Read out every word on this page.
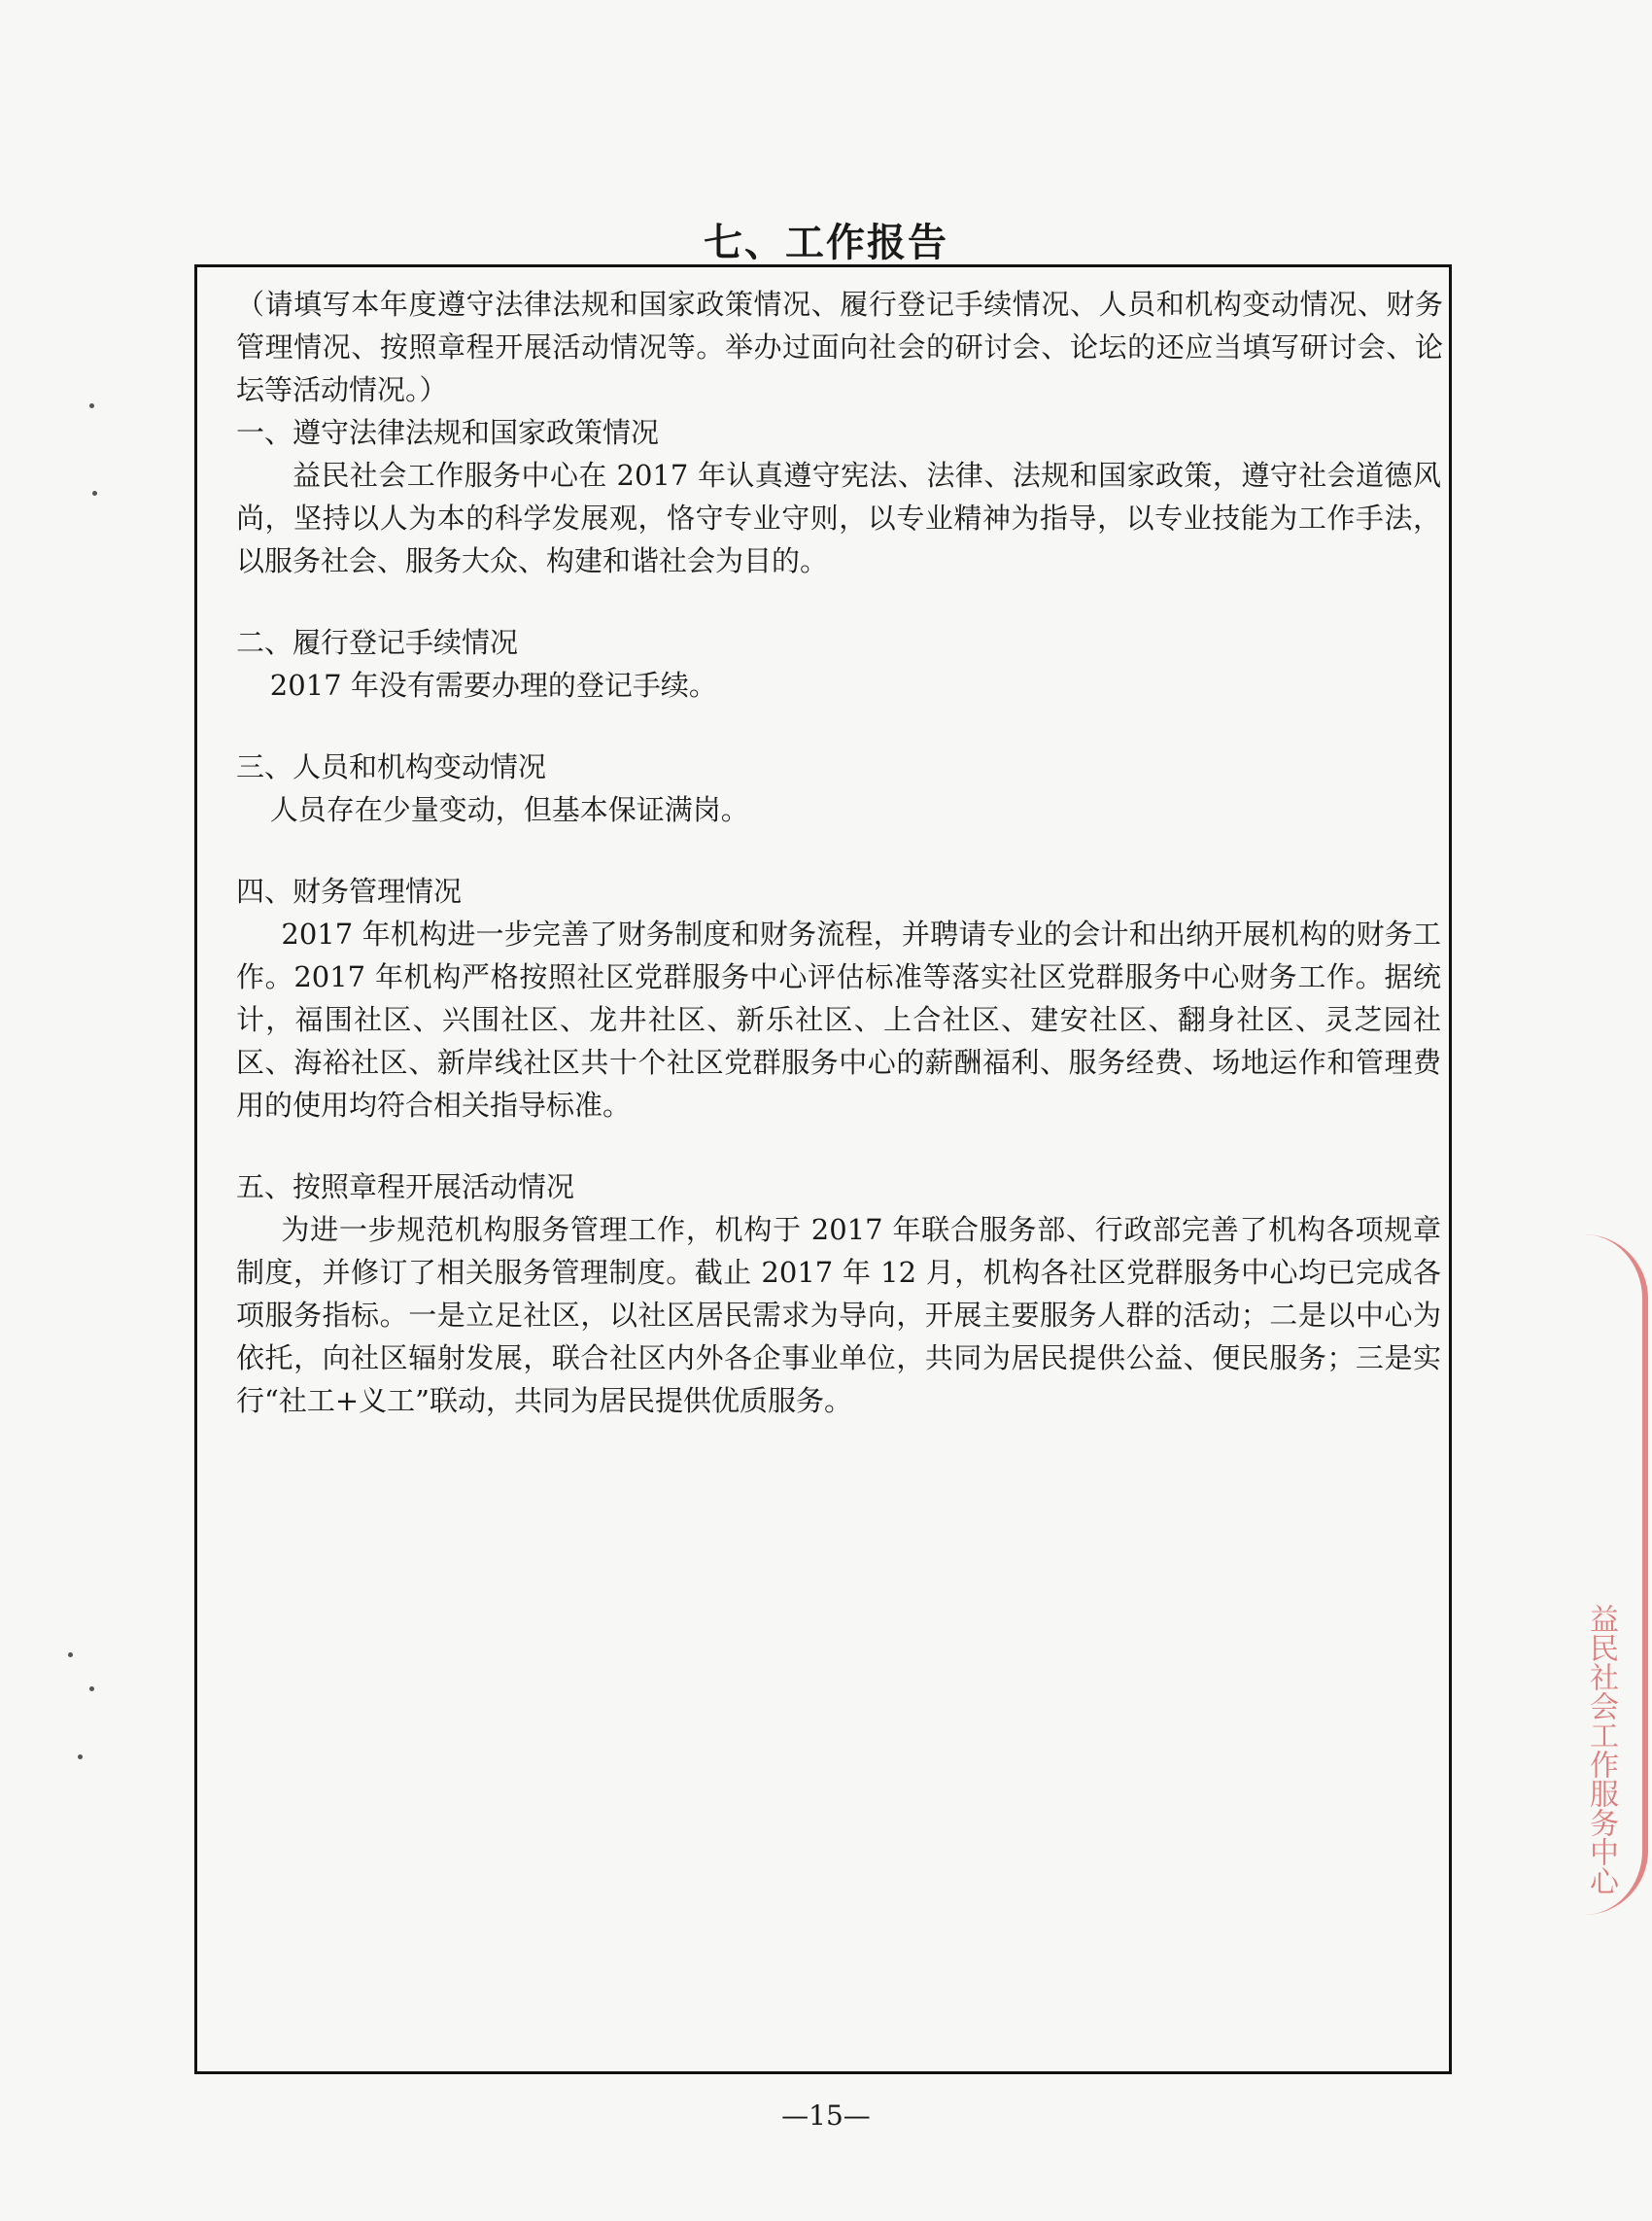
七、工作报告
（请填写本年度遵守法律法规和国家政策情况、履行登记手续情况、人员和机构变动情况、财务管理情况、按照章程开展活动情况等。举办过面向社会的研讨会、论坛的还应当填写研讨会、论坛等活动情况。）
一、遵守法律法规和国家政策情况
益民社会工作服务中心在 2017 年认真遵守宪法、法律、法规和国家政策，遵守社会道德风尚，坚持以人为本的科学发展观，恪守专业守则，以专业精神为指导，以专业技能为工作手法，以服务社会、服务大众、构建和谐社会为目的。
二、履行登记手续情况
2017 年没有需要办理的登记手续。
三、人员和机构变动情况
人员存在少量变动，但基本保证满岗。
四、财务管理情况
2017 年机构进一步完善了财务制度和财务流程，并聘请专业的会计和出纳开展机构的财务工作。2017 年机构严格按照社区党群服务中心评估标准等落实社区党群服务中心财务工作。据统计，福围社区、兴围社区、龙井社区、新乐社区、上合社区、建安社区、翻身社区、灵芝园社区、海裕社区、新岸线社区共十个社区党群服务中心的薪酬福利、服务经费、场地运作和管理费用的使用均符合相关指导标准。
五、按照章程开展活动情况
为进一步规范机构服务管理工作，机构于 2017 年联合服务部、行政部完善了机构各项规章制度，并修订了相关服务管理制度。截止 2017 年 12 月，机构各社区党群服务中心均已完成各项服务指标。一是立足社区，以社区居民需求为导向，开展主要服务人群的活动；二是以中心为依托，向社区辐射发展，联合社区内外各企事业单位，共同为居民提供公益、便民服务；三是实行“社工+义工”联动，共同为居民提供优质服务。
—15—
益民社会工作服务中心
